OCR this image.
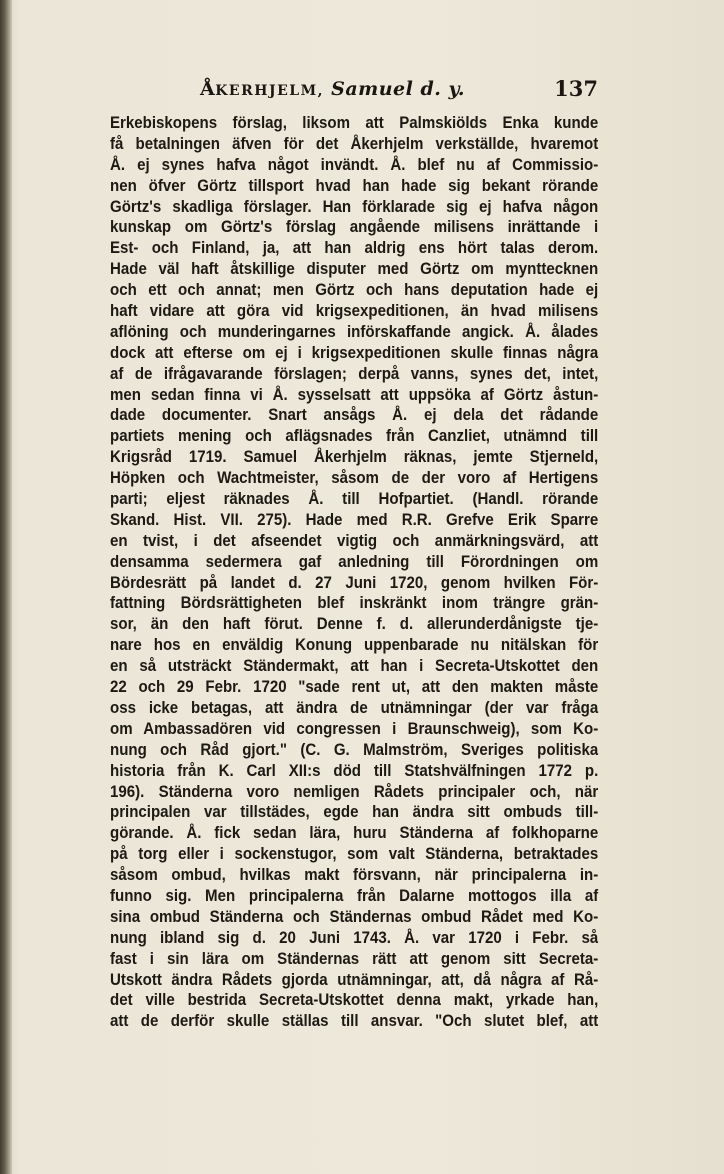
ÅKERHJELM, Samuel d. y.	137
Erkebiskopens förslag, liksom att Palmskiölds Enka kunde
få betalningen äfven för det Åkerhjelm verkställde, hvaremot
Å. ej synes hafva något invändt. Å. blef nu af Commissio-
nen öfver Görtz tillsport hvad han hade sig bekant rörande
Görtz's skadliga förslager. Han förklarade sig ej hafva någon
kunskap om Görtz's förslag angående milisens inrättande i
Est- och Finland, ja, att han aldrig ens hört talas derom.
Hade väl haft åtskillige disputer med Görtz om mynttecknen
och ett och annat; men Görtz och hans deputation hade ej
haft vidare att göra vid krigsexpeditionen, än hvad milisens
aflöning och munderingarnes införskaffande angick. Å. ålades
dock att efterse om ej i krigsexpeditionen skulle finnas några
af de ifrågavarande förslagen; derpå vanns, synes det, intet,
men sedan finna vi Å. sysselsatt att uppsöka af Görtz åstun-
dade documenter. Snart ansågs Å. ej dela det rådande
partiets mening och aflägsnades från Canzliet, utnämnd till
Krigsråd 1719. Samuel Åkerhjelm räknas, jemte Stjerneld,
Höpken och Wachtmeister, såsom de der voro af Hertigens
parti; eljest räknades Å. till Hofpartiet. (Handl. rörande
Skand. Hist. VII. 275). Hade med R.R. Grefve Erik Sparre
en tvist, i det afseendet vigtig och anmärkningsvärd, att
densamma sedermera gaf anledning till Förordningen om
Bördesrätt på landet d. 27 Juni 1720, genom hvilken För-
fattning Bördsrättigheten blef inskränkt inom trängre grän-
sor, än den haft förut. Denne f. d. allerunderdånigste tje-
nare hos en enväldig Konung uppenbarade nu nitälskan för
en så utsträckt Ständermakt, att han i Secreta-Utskottet den
22 och 29 Febr. 1720 "sade rent ut, att den makten måste
oss icke betagas, att ändra de utnämningar (der var fråga
om Ambassadören vid congressen i Braunschweig), som Ko-
nung och Råd gjort." (C. G. Malmström, Sveriges politiska
historia från K. Carl XII:s död till Statshvälfningen 1772 p.
196). Ständerna voro nemligen Rådets principaler och, när
principalen var tillstädes, egde han ändra sitt ombuds till-
görande. Å. fick sedan lära, huru Ständerna af folkhoparne
på torg eller i sockenstugor, som valt Ständerna, betraktades
såsom ombud, hvilkas makt försvann, när principalerna in-
funno sig. Men principalerna från Dalarne mottogos illa af
sina ombud Ständerna och Ständernas ombud Rådet med Ko-
nung ibland sig d. 20 Juni 1743. Å. var 1720 i Febr. så
fast i sin lära om Ständernas rätt att genom sitt Secreta-
Utskott ändra Rådets gjorda utnämningar, att, då några af Rå-
det ville bestrida Secreta-Utskottet denna makt, yrkade han,
att de derför skulle ställas till ansvar. "Och slutet blef, att
